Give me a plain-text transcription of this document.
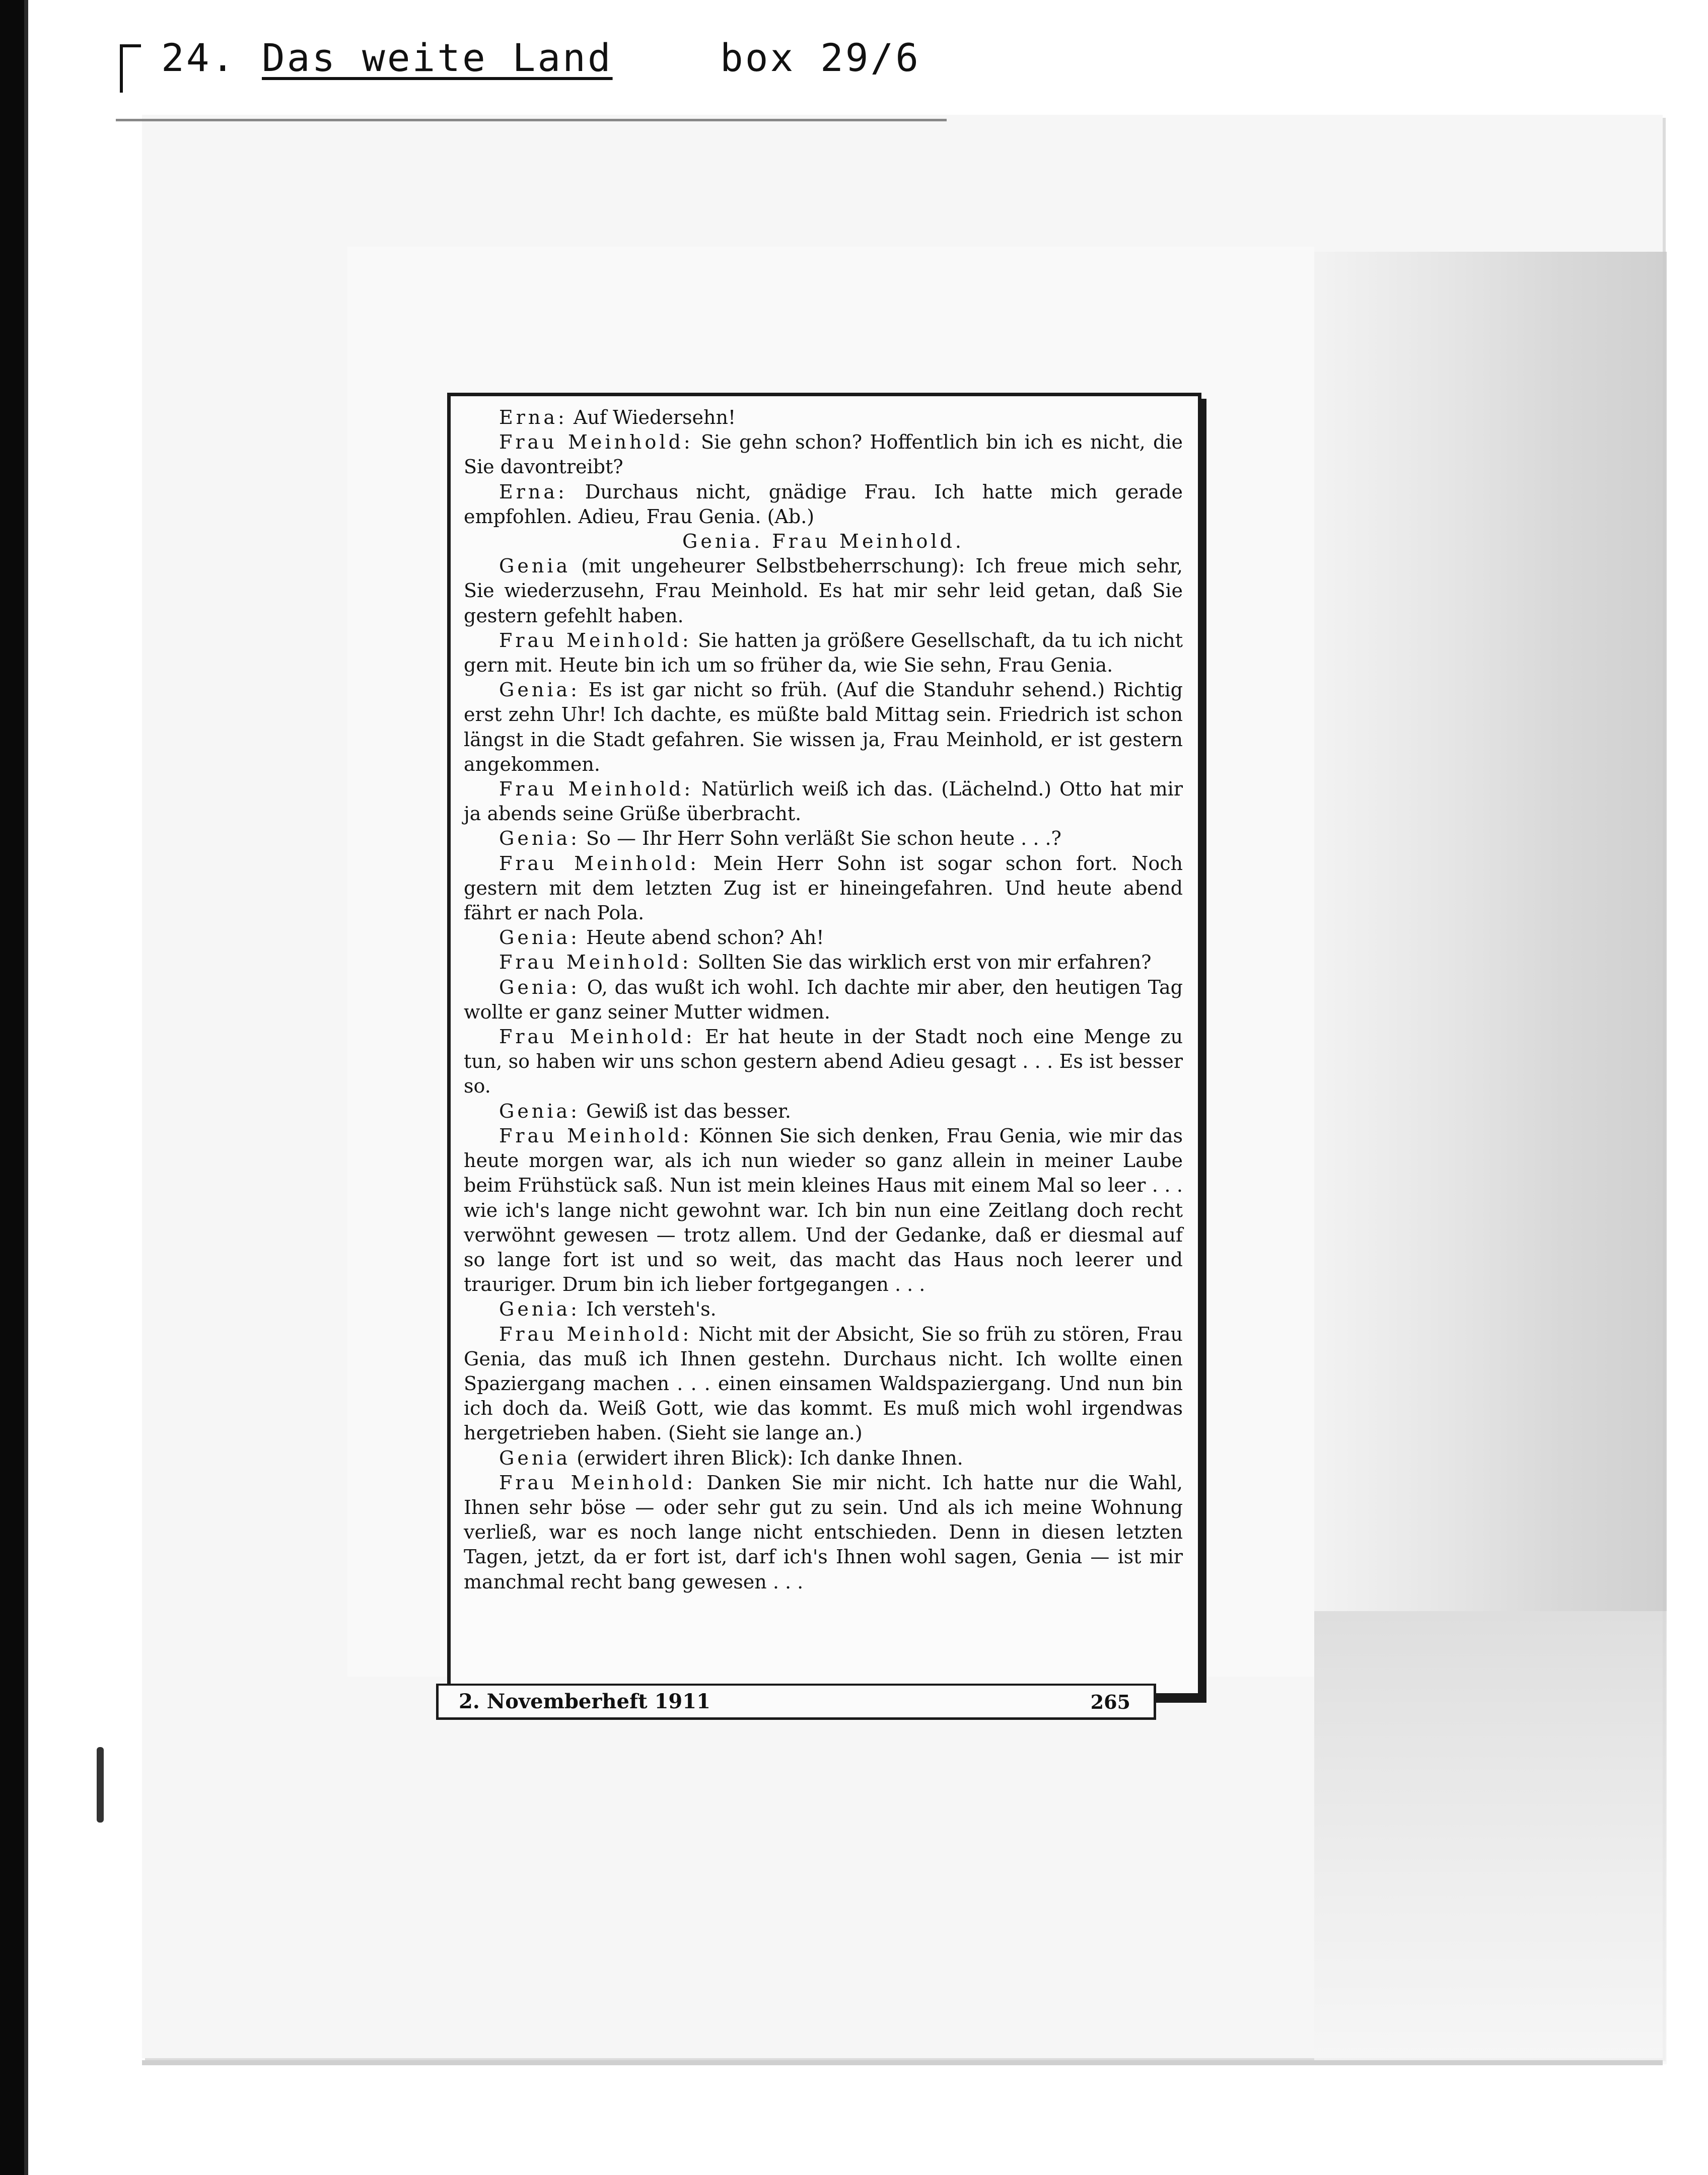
24. Das weite Land	box 29/6

Erna: Auf Wiedersehn!

Frau Meinhold: Sie gehn schon? Hoffentlich bin ich es nicht, die Sie davontreibt?

Erna: Durchaus nicht, gnädige Frau. Ich hatte mich gerade empfohlen. Adieu, Frau Genia. (Ab.)

Genia. Frau Meinhold.

Genia (mit ungeheurer Selbstbeherrschung): Ich freue mich sehr, Sie wiederzusehn, Frau Meinhold. Es hat mir sehr leid getan, daß Sie gestern gefehlt haben.

Frau Meinhold: Sie hatten ja größere Gesellschaft, da tu ich nicht gern mit. Heute bin ich um so früher da, wie Sie sehn, Frau Genia.

Genia: Es ist gar nicht so früh. (Auf die Standuhr sehend.) Richtig erst zehn Uhr! Ich dachte, es müßte bald Mittag sein. Friedrich ist schon längst in die Stadt gefahren. Sie wissen ja, Frau Meinhold, er ist gestern angekommen.

Frau Meinhold: Natürlich weiß ich das. (Lächelnd.) Otto hat mir ja abends seine Grüße überbracht.

Genia: So — Ihr Herr Sohn verläßt Sie schon heute . . .?

Frau Meinhold: Mein Herr Sohn ist sogar schon fort. Noch gestern mit dem letzten Zug ist er hineingefahren. Und heute abend fährt er nach Pola.

Genia: Heute abend schon? Ah!

Frau Meinhold: Sollten Sie das wirklich erst von mir erfahren?

Genia: O, das wußt ich wohl. Ich dachte mir aber, den heutigen Tag wollte er ganz seiner Mutter widmen.

Frau Meinhold: Er hat heute in der Stadt noch eine Menge zu tun, so haben wir uns schon gestern abend Adieu gesagt . . . Es ist besser so.

Genia: Gewiß ist das besser.

Frau Meinhold: Können Sie sich denken, Frau Genia, wie mir das heute morgen war, als ich nun wieder so ganz allein in meiner Laube beim Frühstück saß. Nun ist mein kleines Haus mit einem Mal so leer . . . wie ich's lange nicht gewohnt war. Ich bin nun eine Zeitlang doch recht verwöhnt gewesen — trotz allem. Und der Gedanke, daß er diesmal auf so lange fort ist und so weit, das macht das Haus noch leerer und trauriger. Drum bin ich lieber fortgegangen . . .

Genia: Ich versteh's.

Frau Meinhold: Nicht mit der Absicht, Sie so früh zu stören, Frau Genia, das muß ich Ihnen gestehn. Durchaus nicht. Ich wollte einen Spaziergang machen . . . einen einsamen Waldspaziergang. Und nun bin ich doch da. Weiß Gott, wie das kommt. Es muß mich wohl irgendwas hergetrieben haben. (Sieht sie lange an.)

Genia (erwidert ihren Blick): Ich danke Ihnen.

Frau Meinhold: Danken Sie mir nicht. Ich hatte nur die Wahl, Ihnen sehr böse — oder sehr gut zu sein. Und als ich meine Wohnung verließ, war es noch lange nicht entschieden. Denn in diesen letzten Tagen, jetzt, da er fort ist, darf ich's Ihnen wohl sagen, Genia — ist mir manchmal recht bang gewesen . . .

2. Novemberheft 1911	265
